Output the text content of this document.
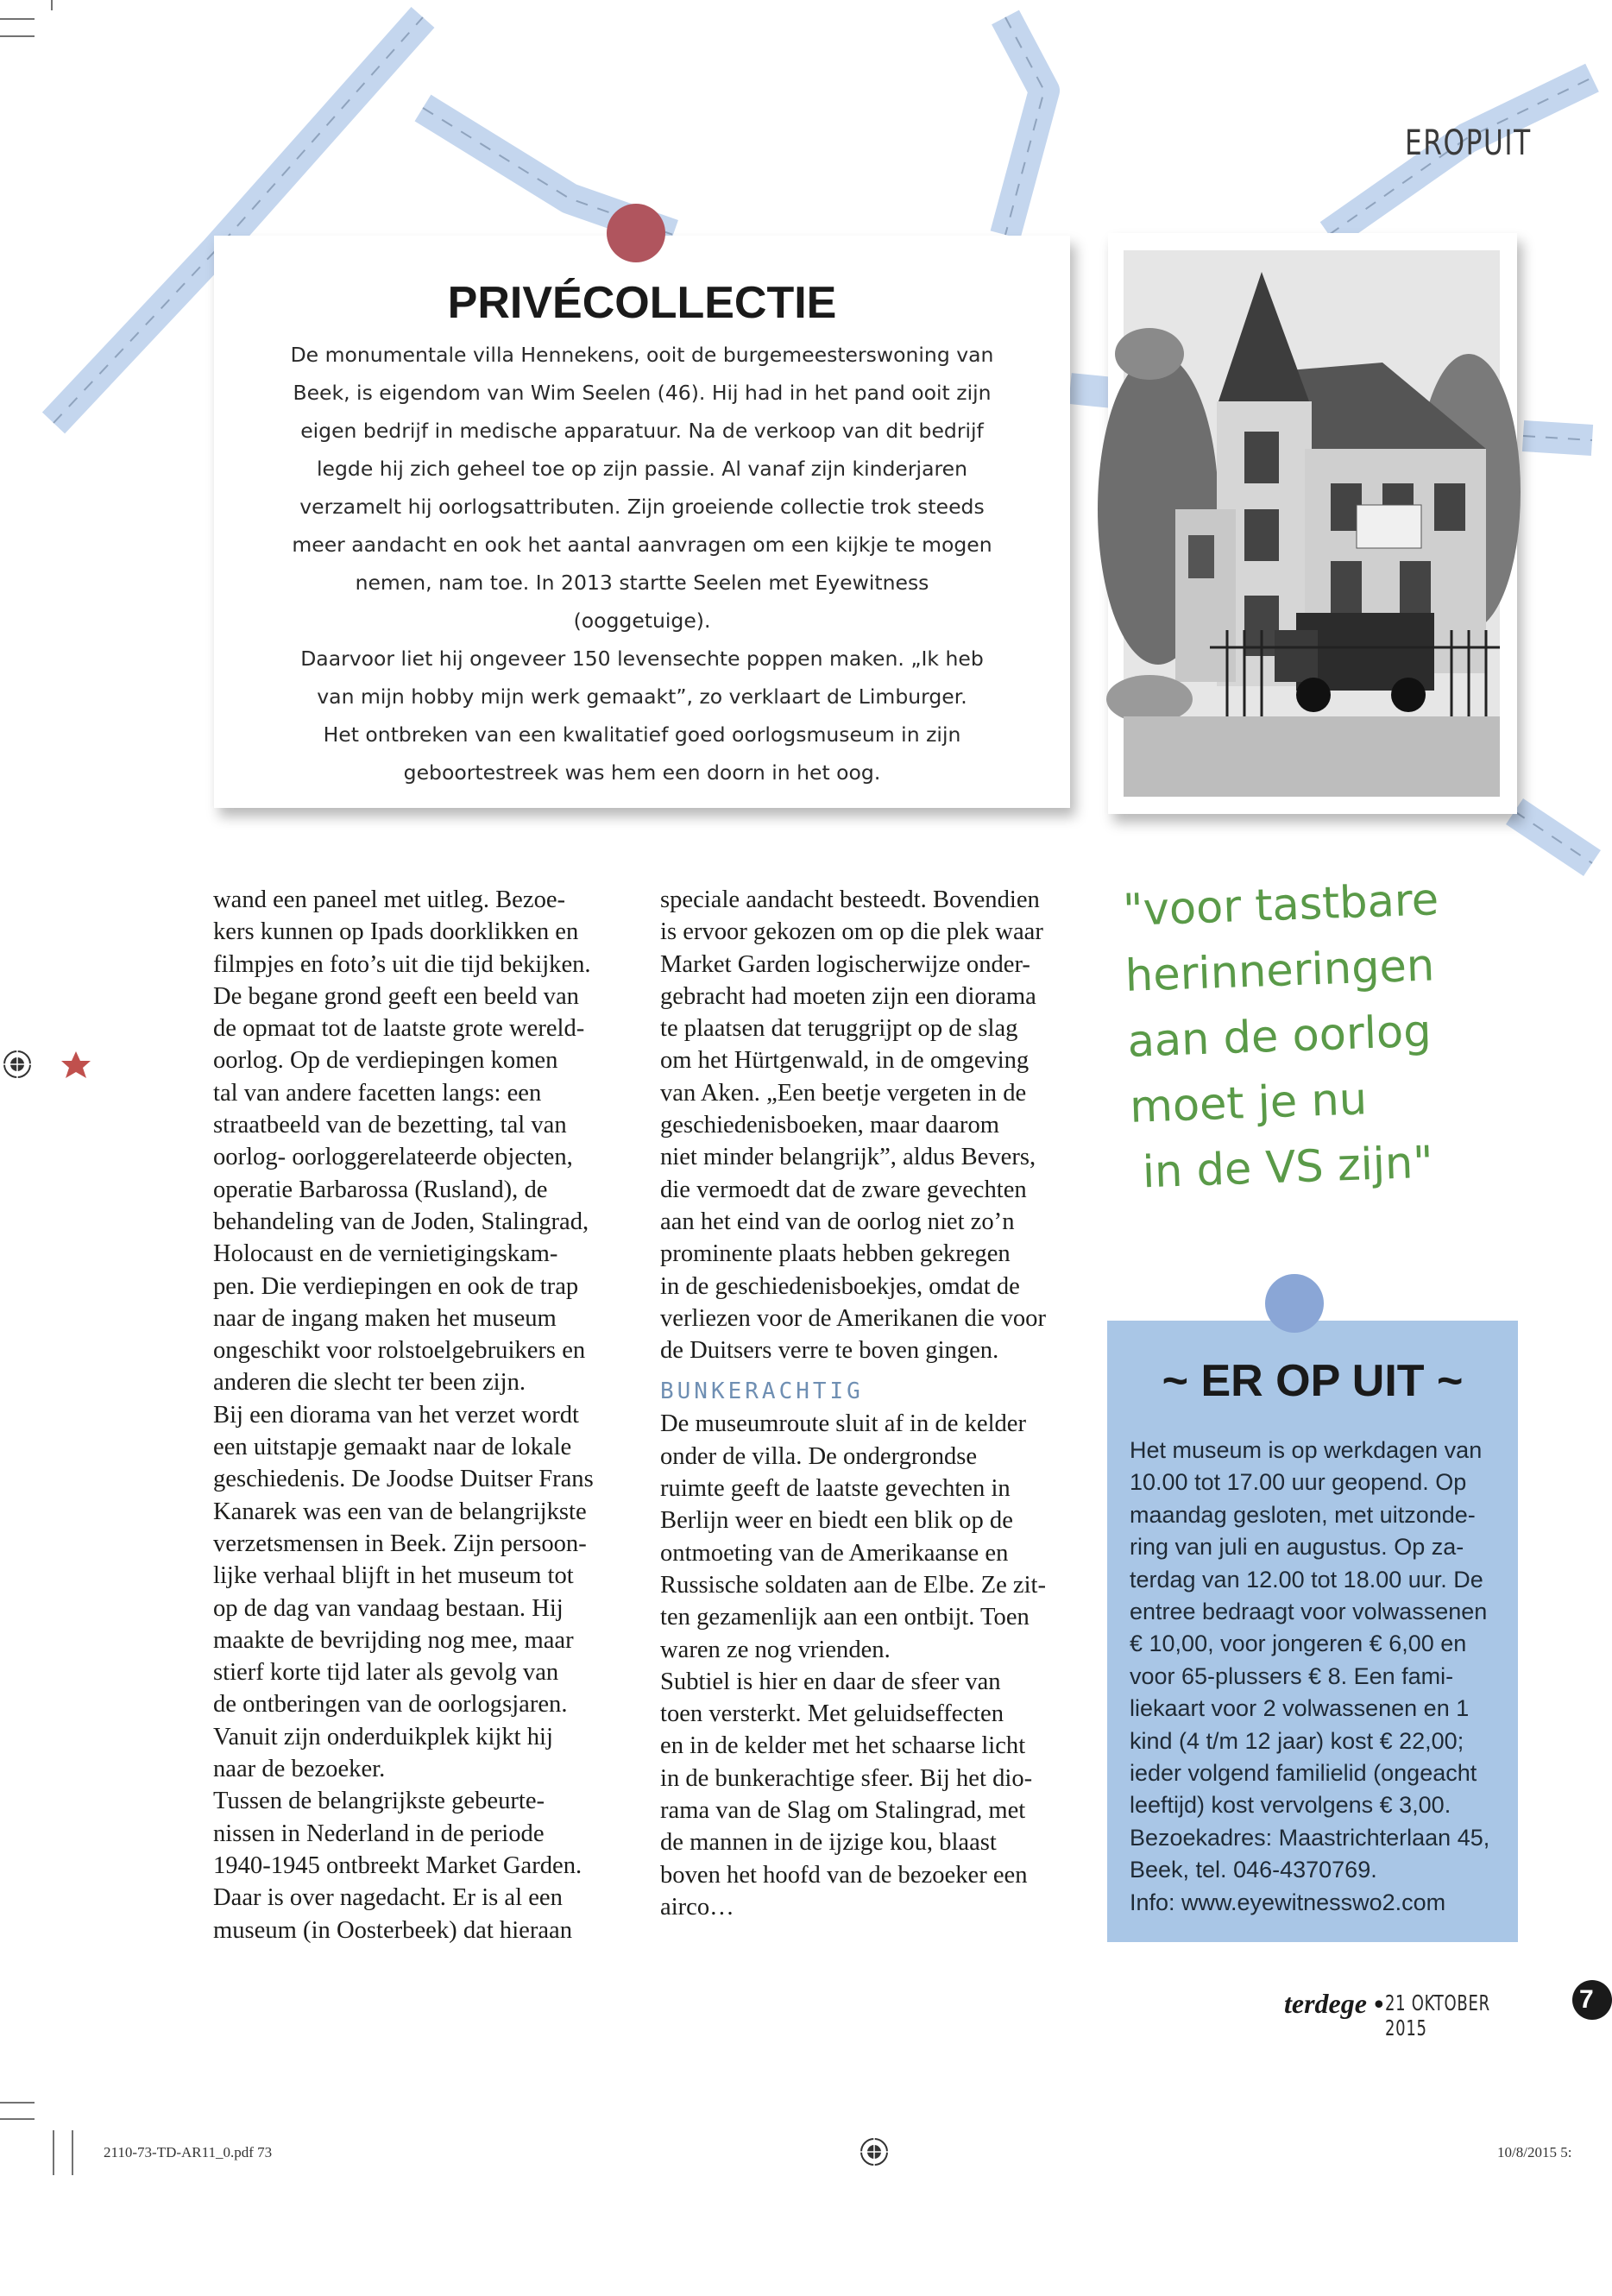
EROPUIT
PRIVÉCOLLECTIE
De monumentale villa Hennekens, ooit de burgemeesterswoning van
Beek, is eigendom van Wim Seelen (46). Hij had in het pand ooit zijn
eigen bedrijf in medische apparatuur. Na de verkoop van dit bedrijf
legde hij zich geheel toe op zijn passie. Al vanaf zijn kinderjaren
verzamelt hij oorlogsattributen. Zijn groeiende collectie trok steeds
meer aandacht en ook het aantal aanvragen om een kijkje te mogen
nemen, nam toe. In 2013 startte Seelen met Eyewitness (ooggetuige).
Daarvoor liet hij ongeveer 150 levensechte poppen maken. „Ik heb
van mijn hobby mijn werk gemaakt”, zo verklaart de Limburger.
Het ontbreken van een kwalitatief goed oorlogsmuseum in zijn
geboortestreek was hem een doorn in het oog.

wand een paneel met uitleg. Bezoe-

kers kunnen op Ipads doorklikken en

filmpjes en foto’s uit die tijd bekijken.

De begane grond geeft een beeld van

de opmaat tot de laatste grote wereld-

oorlog. Op de verdiepingen komen

tal van andere facetten langs: een

straatbeeld van de bezetting, tal van

oorlog- oorloggerelateerde objecten,

operatie Barbarossa (Rusland), de

behandeling van de Joden, Stalingrad,

Holocaust en de vernietigingskam-

pen. Die verdiepingen en ook de trap

naar de ingang maken het museum

ongeschikt voor rolstoelgebruikers en

anderen die slecht ter been zijn.

Bij een diorama van het verzet wordt

een uitstapje gemaakt naar de lokale

geschiedenis. De Joodse Duitser Frans

Kanarek was een van de belangrijkste

verzetsmensen in Beek. Zijn persoon-

lijke verhaal blijft in het museum tot

op de dag van vandaag bestaan. Hij

maakte de bevrijding nog mee, maar

stierf korte tijd later als gevolg van

de ontberingen van de oorlogsjaren.

Vanuit zijn onderduikplek kijkt hij

naar de bezoeker.

Tussen de belangrijkste gebeurte-

nissen in Nederland in de periode

1940-1945 ontbreekt Market Garden.

Daar is over nagedacht. Er is al een

museum (in Oosterbeek) dat hieraan

speciale aandacht besteedt. Bovendien

is ervoor gekozen om op die plek waar

Market Garden logischerwijze onder-

gebracht had moeten zijn een diorama

te plaatsen dat teruggrijpt op de slag

om het Hürtgenwald, in de omgeving

van Aken. „Een beetje vergeten in de

geschiedenisboeken, maar daarom

niet minder belangrijk”, aldus Bevers,

die vermoedt dat de zware gevechten

aan het eind van de oorlog niet zo’n

prominente plaats hebben gekregen

in de geschiedenisboekjes, omdat de

verliezen voor de Amerikanen die voor

de Duitsers verre te boven gingen.

BUNKERACHTIG

De museumroute sluit af in de kelder

onder de villa. De ondergrondse

ruimte geeft de laatste gevechten in

Berlijn weer en biedt een blik op de

ontmoeting van de Amerikaanse en

Russische soldaten aan de Elbe. Ze zit-

ten gezamenlijk aan een ontbijt. Toen

waren ze nog vrienden.

Subtiel is hier en daar de sfeer van

toen versterkt. Met geluidseffecten

en in de kelder met het schaarse licht

in de bunkerachtige sfeer. Bij het dio-

rama van de Slag om Stalingrad, met

de mannen in de ijzige kou, blaast

boven het hoofd van de bezoeker een

airco…

"voor tastbare
herinneringen
aan de oorlog
moet je nu
in de VS zijn"
~ ER OP UIT ~
Het museum is op werkdagen van
10.00 tot 17.00 uur geopend. Op
maandag gesloten, met uitzonde-
ring van juli en augustus. Op za-
terdag van 12.00 tot 18.00 uur. De
entree bedraagt voor volwassenen
€ 10,00, voor jongeren € 6,00 en
voor 65-plussers € 8. Een fami-
liekaart voor 2 volwassenen en 1
kind (4 t/m 12 jaar) kost € 22,00;
ieder volgend familielid (ongeacht
leeftijd) kost vervolgens € 3,00.
Bezoekadres: Maastrichterlaan 45,
Beek, tel. 046-4370769.
Info: www.eyewitnesswo2.com
terdege • 21 OKTOBER 2015
7
2110-73-TD-AR11_0.pdf 73	10/8/2015 5:
